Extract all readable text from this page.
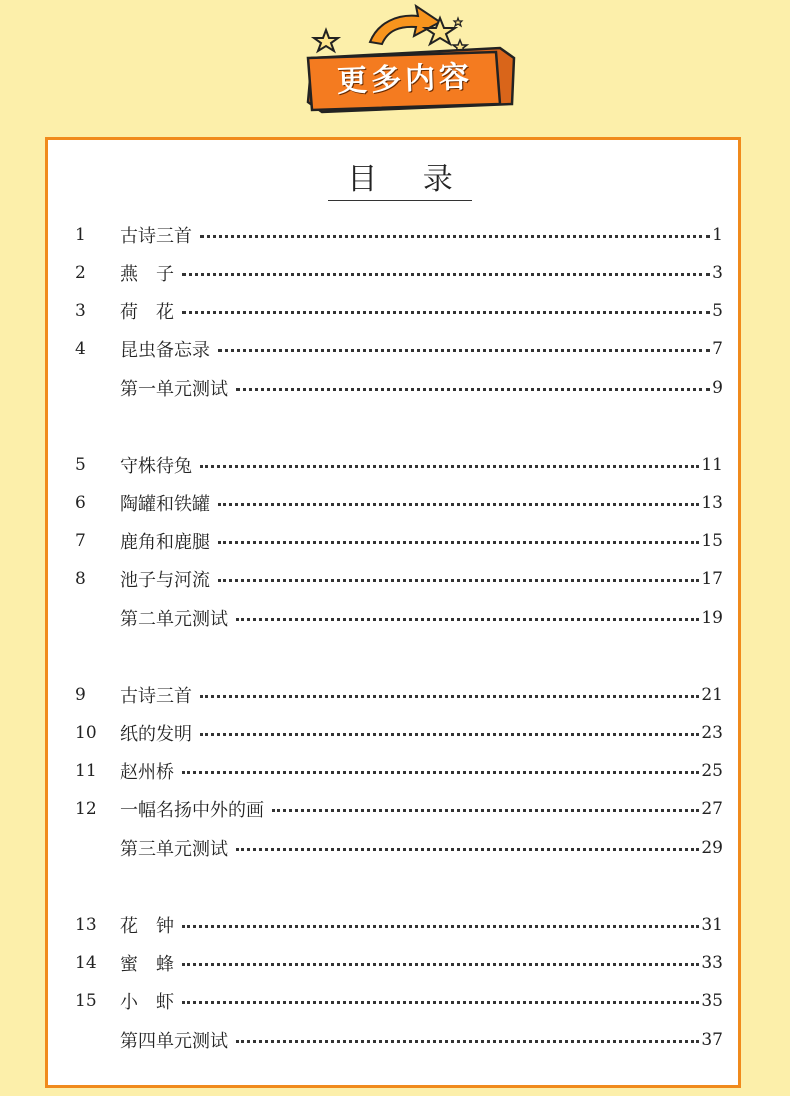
更多内容
目 录
1	古诗三首	1
2	燕　子	3
3	荷　花	5
4	昆虫备忘录	7
第一单元测试	9
5	守株待兔	11
6	陶罐和铁罐	13
7	鹿角和鹿腿	15
8	池子与河流	17
第二单元测试	19
9	古诗三首	21
10	纸的发明	23
11	赵州桥	25
12	一幅名扬中外的画	27
第三单元测试	29
13	花　钟	31
14	蜜　蜂	33
15	小　虾	35
第四单元测试	37
